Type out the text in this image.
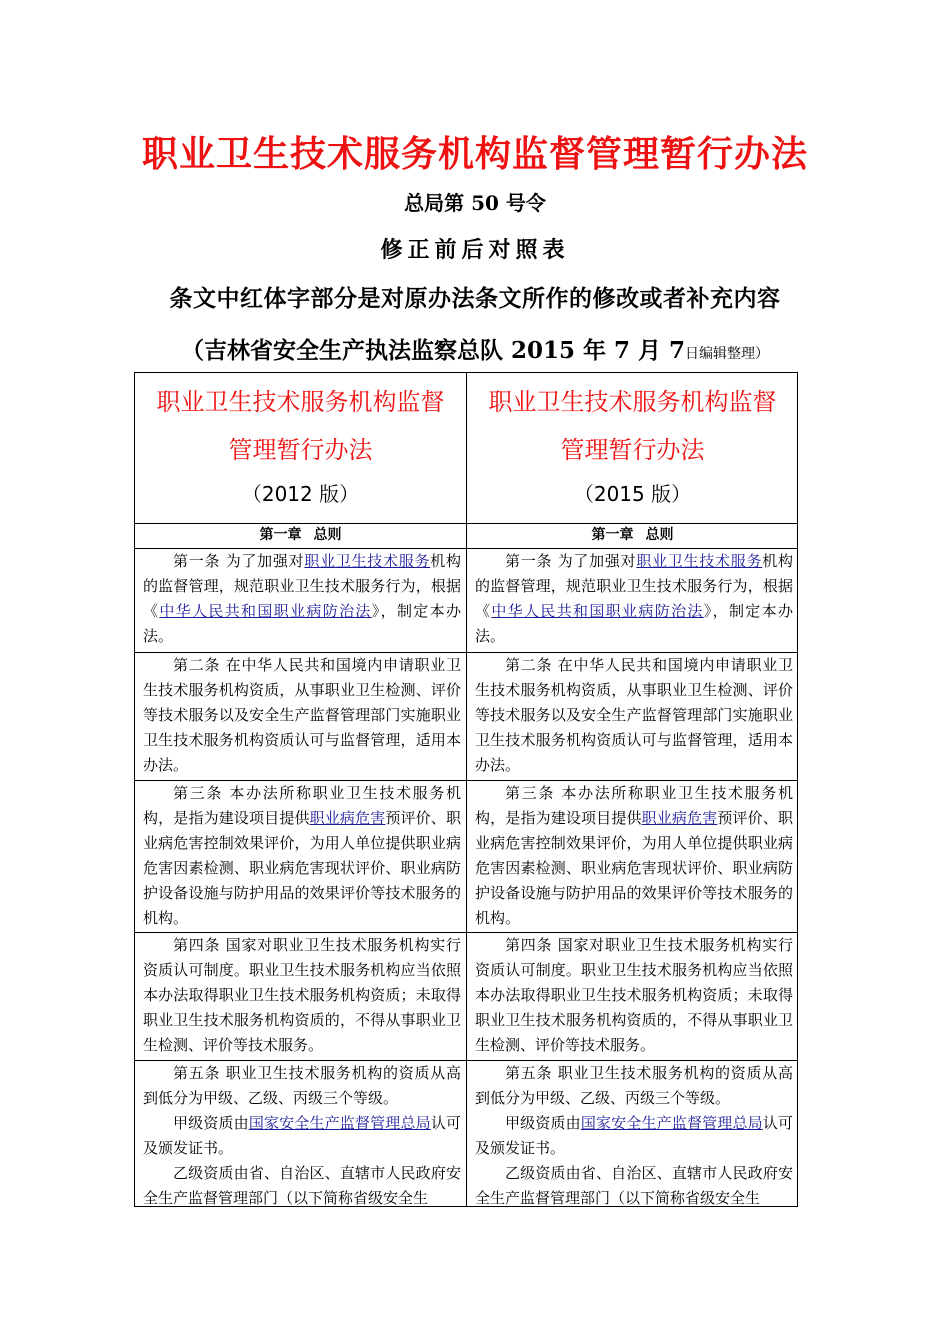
职业卫生技术服务机构监督管理暂行办法
总局第 50 号令
修正前后对照表
条文中红体字部分是对原办法条文所作的修改或者补充内容
（吉林省安全生产执法监察总队 2015 年 7 月 7日编辑整理）
职业卫生技术服务机构监督
管理暂行办法
（2012 版）
职业卫生技术服务机构监督
管理暂行办法
（2015 版）
第一章 总则	第一章 总则

第一条 为了加强对职业卫生技术服务机构的监督管理，规范职业卫生技术服务行为，根据《中华人民共和国职业病防治法》，制定本办法。

第一条 为了加强对职业卫生技术服务机构的监督管理，规范职业卫生技术服务行为，根据《中华人民共和国职业病防治法》，制定本办法。

第二条 在中华人民共和国境内申请职业卫生技术服务机构资质，从事职业卫生检测、评价等技术服务以及安全生产监督管理部门实施职业卫生技术服务机构资质认可与监督管理，适用本办法。

第二条 在中华人民共和国境内申请职业卫生技术服务机构资质，从事职业卫生检测、评价等技术服务以及安全生产监督管理部门实施职业卫生技术服务机构资质认可与监督管理，适用本办法。

第三条 本办法所称职业卫生技术服务机构，是指为建设项目提供职业病危害预评价、职业病危害控制效果评价，为用人单位提供职业病危害因素检测、职业病危害现状评价、职业病防护设备设施与防护用品的效果评价等技术服务的机构。

第三条 本办法所称职业卫生技术服务机构，是指为建设项目提供职业病危害预评价、职业病危害控制效果评价，为用人单位提供职业病危害因素检测、职业病危害现状评价、职业病防护设备设施与防护用品的效果评价等技术服务的机构。

第四条 国家对职业卫生技术服务机构实行资质认可制度。职业卫生技术服务机构应当依照本办法取得职业卫生技术服务机构资质；未取得职业卫生技术服务机构资质的，不得从事职业卫生检测、评价等技术服务。

第四条 国家对职业卫生技术服务机构实行资质认可制度。职业卫生技术服务机构应当依照本办法取得职业卫生技术服务机构资质；未取得职业卫生技术服务机构资质的，不得从事职业卫生检测、评价等技术服务。

第五条 职业卫生技术服务机构的资质从高到低分为甲级、乙级、丙级三个等级。

甲级资质由国家安全生产监督管理总局认可及颁发证书。

乙级资质由省、自治区、直辖市人民政府安全生产监督管理部门（以下简称省级安全生

第五条 职业卫生技术服务机构的资质从高到低分为甲级、乙级、丙级三个等级。

甲级资质由国家安全生产监督管理总局认可及颁发证书。

乙级资质由省、自治区、直辖市人民政府安全生产监督管理部门（以下简称省级安全生
